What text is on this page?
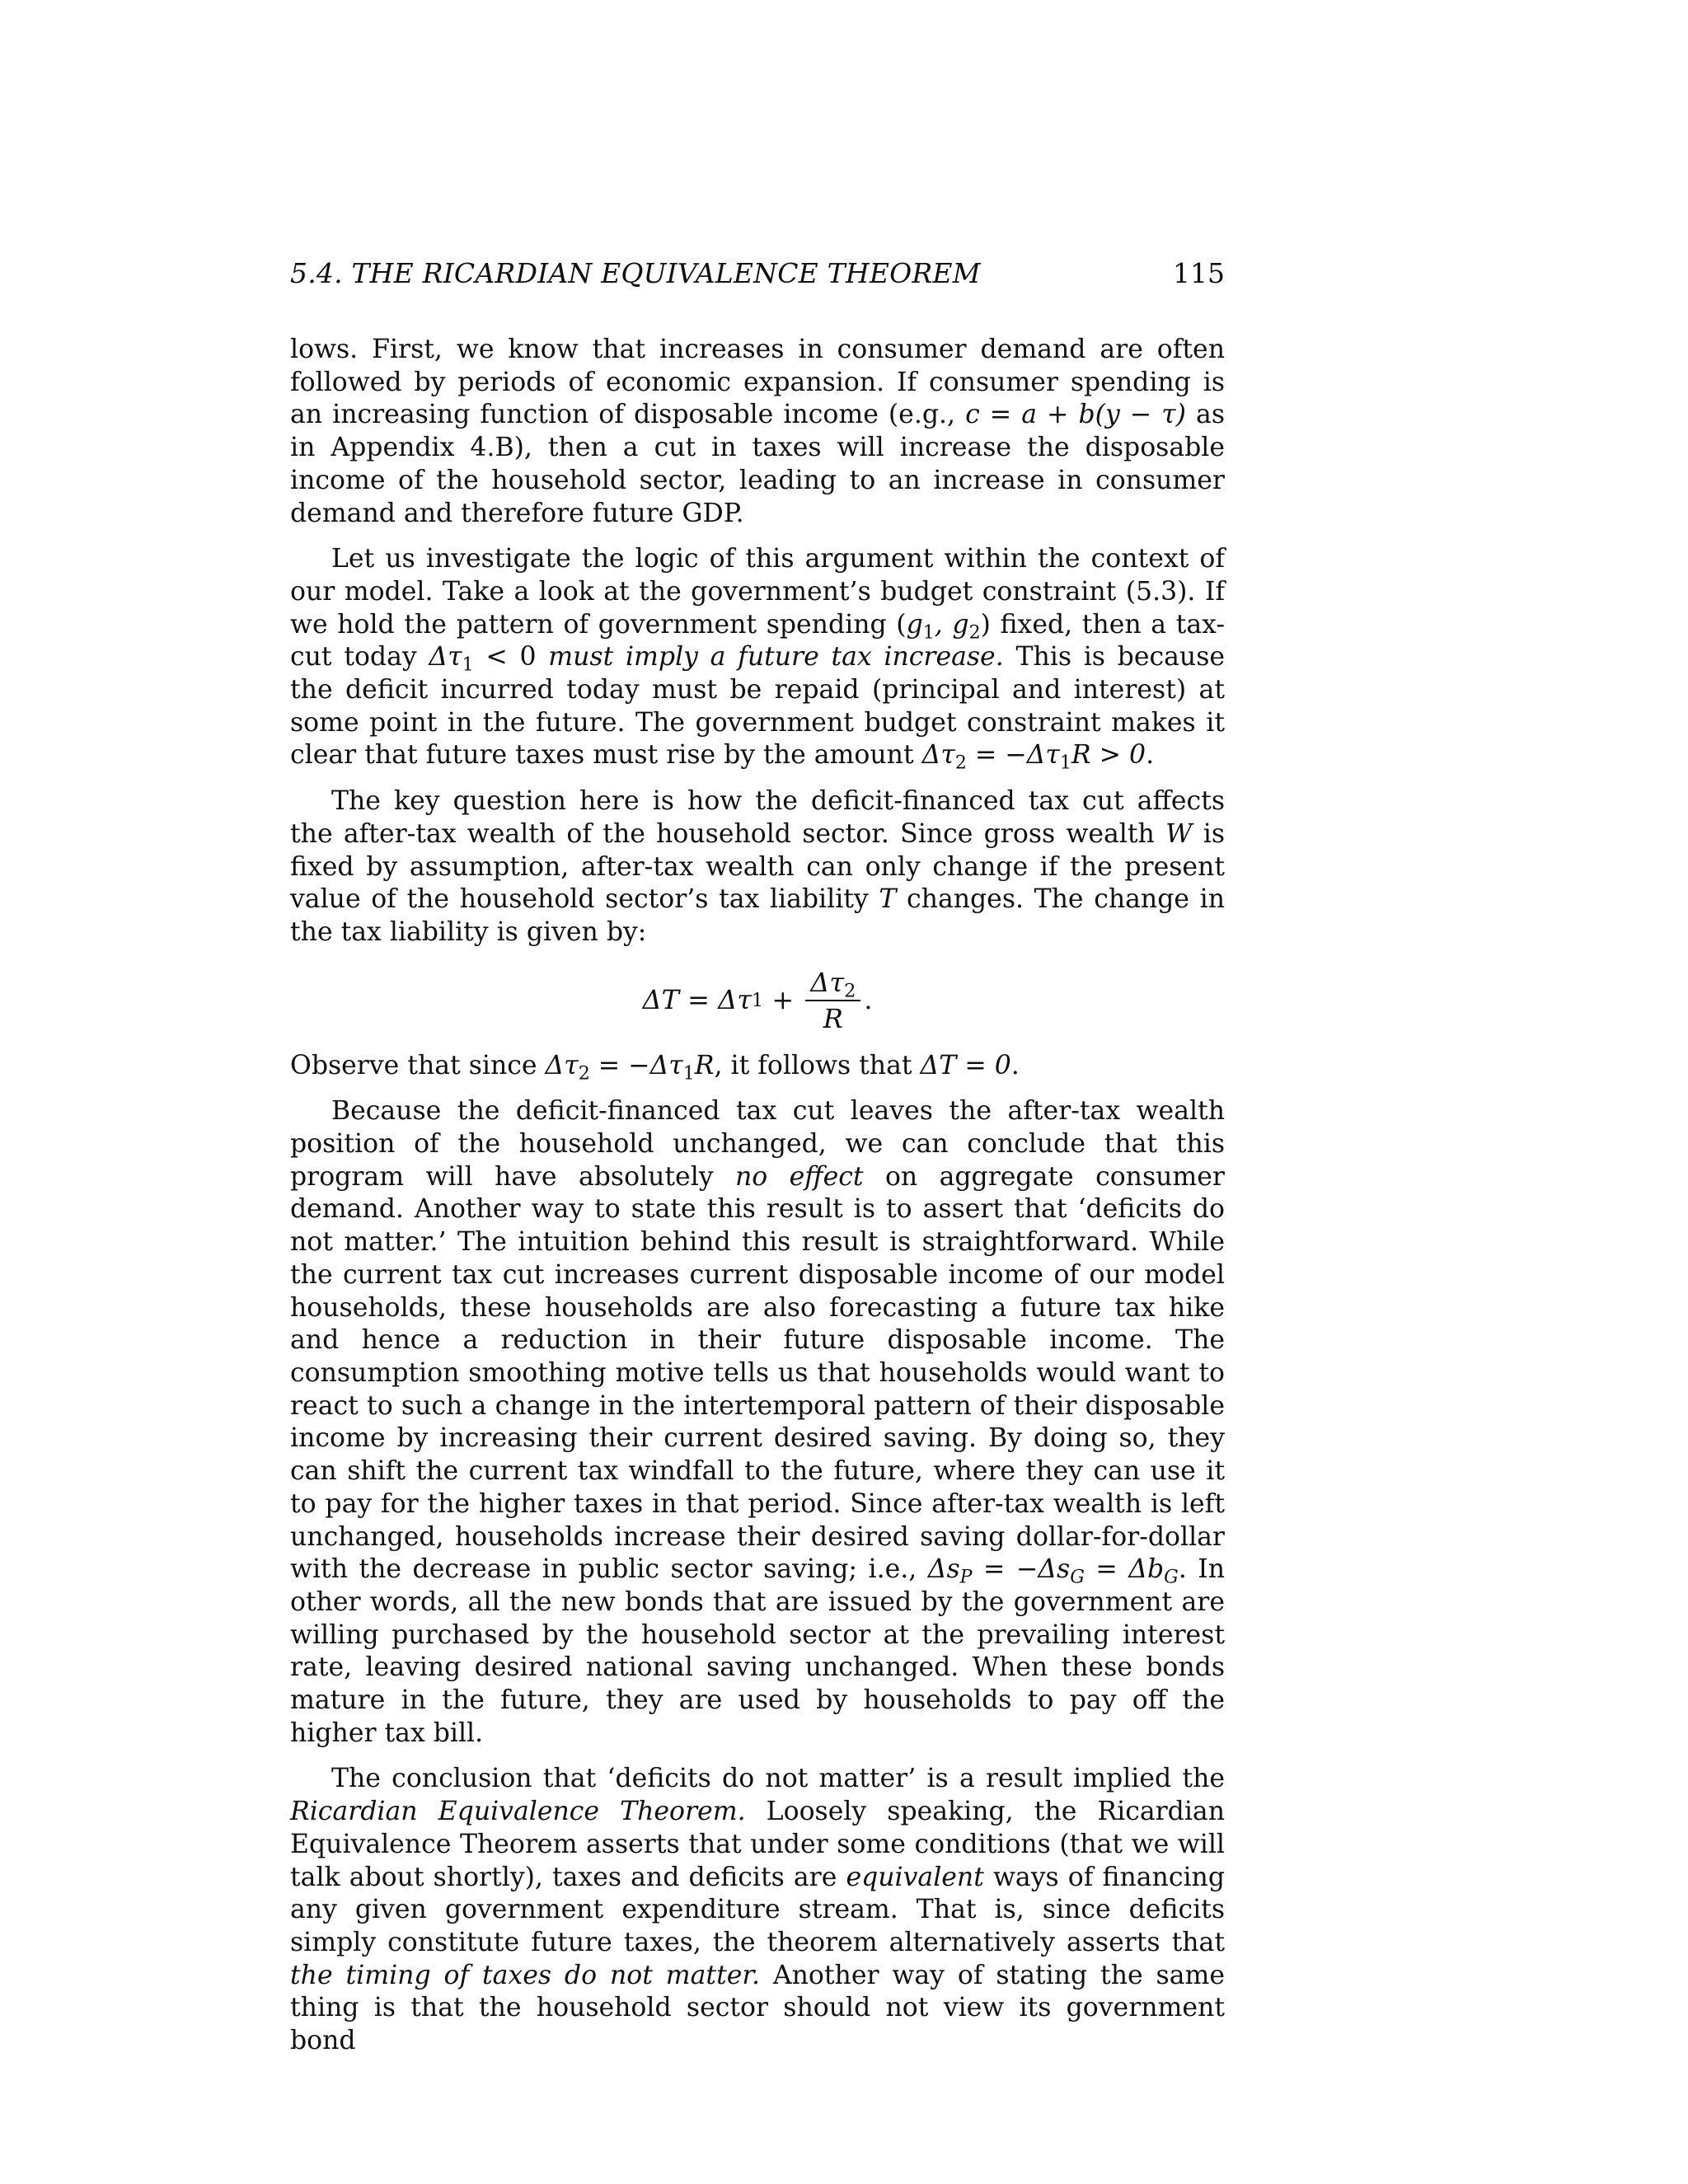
5.4. THE RICARDIAN EQUIVALENCE THEOREM	115

lows. First, we know that increases in consumer demand are often followed by periods of economic expansion. If consumer spending is an increasing function of disposable income (e.g., c = a + b(y − τ) as in Appendix 4.B), then a cut in taxes will increase the disposable income of the household sector, leading to an increase in consumer demand and therefore future GDP.

Let us investigate the logic of this argument within the context of our model. Take a look at the government’s budget constraint (5.3). If we hold the pattern of government spending ($g_1$, $g_2$) fixed, then a tax-cut today $\Delta\tau_1 < 0$ must imply a future tax increase. This is because the deficit incurred today must be repaid (principal and interest) at some point in the future. The government budget constraint makes it clear that future taxes must rise by the amount $\Delta\tau_2 = -\Delta\tau_1R > 0$.

The key question here is how the deficit-financed tax cut affects the after-tax wealth of the household sector. Since gross wealth W is fixed by assumption, after-tax wealth can only change if the present value of the household sector’s tax liability T changes. The change in the tax liability is given by:

ΔT = Δτ $1 + \frac{\Delta\tau_2}{R}$ .

Observe that since $\Delta\tau_2 = -\Delta\tau_1R$, it follows that ΔT = 0.

Because the deficit-financed tax cut leaves the after-tax wealth position of the household unchanged, we can conclude that this program will have absolutely no effect on aggregate consumer demand. Another way to state this result is to assert that ‘deficits do not matter.’ The intuition behind this result is straightforward. While the current tax cut increases current disposable income of our model households, these households are also forecasting a future tax hike and hence a reduction in their future disposable income. The consumption smoothing motive tells us that households would want to react to such a change in the intertemporal pattern of their disposable income by increasing their current desired saving. By doing so, they can shift the current tax windfall to the future, where they can use it to pay for the higher taxes in that period. Since after-tax wealth is left unchanged, households increase their desired saving dollar-for-dollar with the decrease in public sector saving; i.e., $\Delta s_P = -\Delta s_G = \Delta b_G$. In other words, all the new bonds that are issued by the government are willing purchased by the household sector at the prevailing interest rate, leaving desired national saving unchanged. When these bonds mature in the future, they are used by households to pay off the higher tax bill.

The conclusion that ‘deficits do not matter’ is a result implied the Ricardian Equivalence Theorem. Loosely speaking, the Ricardian Equivalence Theorem asserts that under some conditions (that we will talk about shortly), taxes and deficits are equivalent ways of financing any given government expenditure stream. That is, since deficits simply constitute future taxes, the theorem alternatively asserts that the timing of taxes do not matter. Another way of stating the same thing is that the household sector should not view its government bond
